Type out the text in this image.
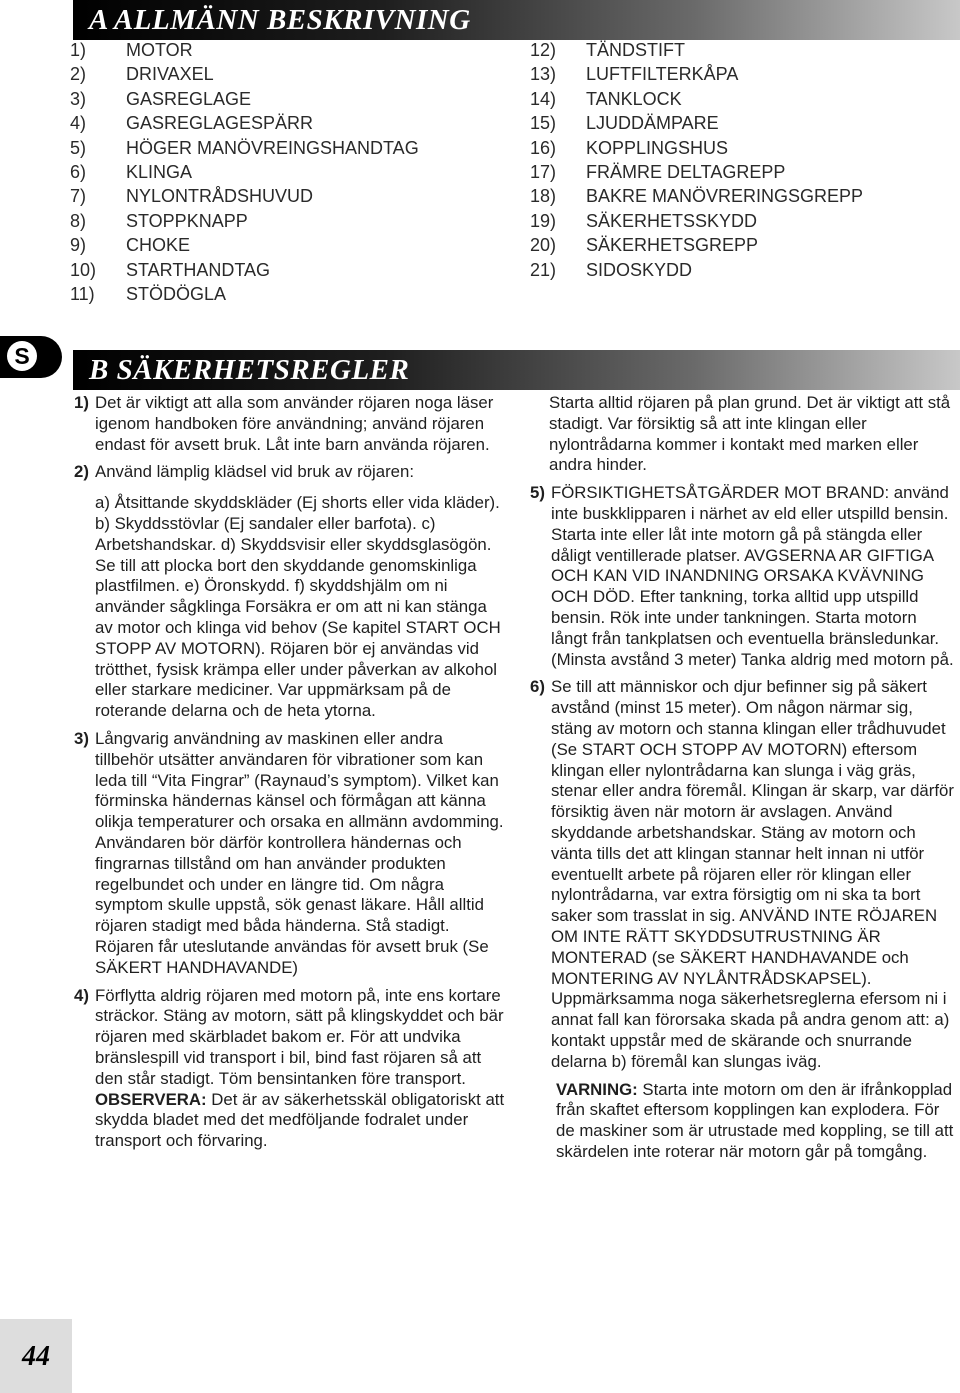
A ALLMÄNN BESKRIVNING
1) MOTOR
2) DRIVAXEL
3) GASREGLAGE
4) GASREGLAGESPÄRR
5) HÖGER MANÖVREINGSHANDTAG
6) KLINGA
7) NYLONTRÅDSHUVUD
8) STOPPKNAPP
9) CHOKE
10) STARTHANDTAG
11) STÖDÖGLA
12) TÄNDSTIFT
13) LUFTFILTERKÅPA
14) TANKLOCK
15) LJUDDÄMPARE
16) KOPPLINGSHUS
17) FRÄMRE DELTAGREPP
18) BAKRE MANÖVRERINGSGREPP
19) SÄKERHETSSKYDD
20) SÄKERHETSGREPP
21) SIDOSKYDD
S B SÄKERHETSREGLER
1) Det är viktigt att alla som använder röjaren noga läser igenom handboken före användning; använd röjaren endast för avsett bruk. Låt inte barn använda röjaren.
2) Använd lämplig klädsel vid bruk av röjaren:
a) Åtsittande skyddskläder (Ej shorts eller vida kläder). b) Skyddsstövlar (Ej sandaler eller barfota). c) Arbetshandskar. d) Skyddsvisir eller skyddsglasögön. Se till att plocka bort den skyddande genomskinliga plastfilmen. e) Öronskydd. f) skyddshjälm om ni använder sågklinga Forsäkra er om att ni kan stänga av motor och klinga vid behov (Se kapitel START OCH STOPP AV MOTORN). Röjaren bör ej användas vid trötthet, fysisk krämpa eller under påverkan av alkohol eller starkare mediciner. Var uppmärksam på de roterande delarna och de heta ytorna.
3) Långvarig användning av maskinen eller andra tillbehör utsätter användaren för vibrationer som kan leda till “Vita Fingrar” (Raynaud’s symptom). Vilket kan förminska händernas känsel och förmågan att känna olikja temperaturer och orsaka en allmänn avdomming. Användaren bör därför kontrollera händernas och fingrarnas tillstånd om han använder produkten regelbundet och under en längre tid. Om några symptom skulle uppstå, sök genast läkare. Håll alltid röjaren stadigt med båda händerna. Stå stadigt. Röjaren får uteslutande användas för avsett bruk (Se SÄKERT HANDHAVANDE)
4) Förflytta aldrig röjaren med motorn på, inte ens kortare sträckor. Stäng av motorn, sätt på klingskyddet och bär röjaren med skärbladet bakom er. För att undvika bränslespill vid transport i bil, bind fast röjaren så att den står stadigt. Töm bensintanken före transport.
OBSERVERA: Det är av säkerhetsskäl obligatoriskt att skydda bladet med det medföljande fodralet under transport och förvaring.
Starta alltid röjaren på plan grund. Det är viktigt att stå stadigt. Var försiktig så att inte klingan eller nylontrådarna kommer i kontakt med marken eller andra hinder.
5) FÖRSIKTIGHETSÅTGÄRDER MOT BRAND: använd inte buskklipparen i närhet av eld eller utspilld bensin. Starta inte eller låt inte motorn gå på stängda eller dåligt ventillerade platser. AVGSERNA AR GIFTIGA OCH KAN VID INANDNING ORSAKA KVÄVNING OCH DÖD. Efter tankning, torka alltid upp utspilld bensin. Rök inte under tankningen. Starta motorn långt från tankplatsen och eventuella bränsledunkar. (Minsta avstånd 3 meter) Tanka aldrig med motorn på.
6) Se till att människor och djur befinner sig på säkert avstånd (minst 15 meter). Om någon närmar sig, stäng av motorn och stanna klingan eller trådhuvudet (Se START OCH STOPP AV MOTORN) eftersom klingan eller nylontrådarna kan slunga i väg gräs, stenar eller andra föremål. Klingan är skarp, var därför försiktig även när motorn är avslagen. Använd skyddande arbetshandskar. Stäng av motorn och vänta tills det att klingan stannar helt innan ni utför eventuellt arbete på röjaren eller rör klingan eller nylontrådarna, var extra försigtig om ni ska ta bort saker som trasslat in sig. ANVÄND INTE RÖJAREN OM INTE RÄTT SKYDDSUTRUSTNING ÄR MONTERAD (se SÄKERT HANDHAVANDE och MONTERING AV NYLÅNTRÅDSKAPSEL). Uppmärksamma noga säkerhetsreglerna efersom ni i annat fall kan förorsaka skada på andra genom att: a) kontakt uppstår med de skärande och snurrande delarna b) föremål kan slungas iväg.
VARNING: Starta inte motorn om den är ifrånkopplad från skaftet eftersom kopplingen kan explodera. För de maskiner som är utrustade med koppling, se till att skärdelen inte roterar när motorn går på tomgång.
44
